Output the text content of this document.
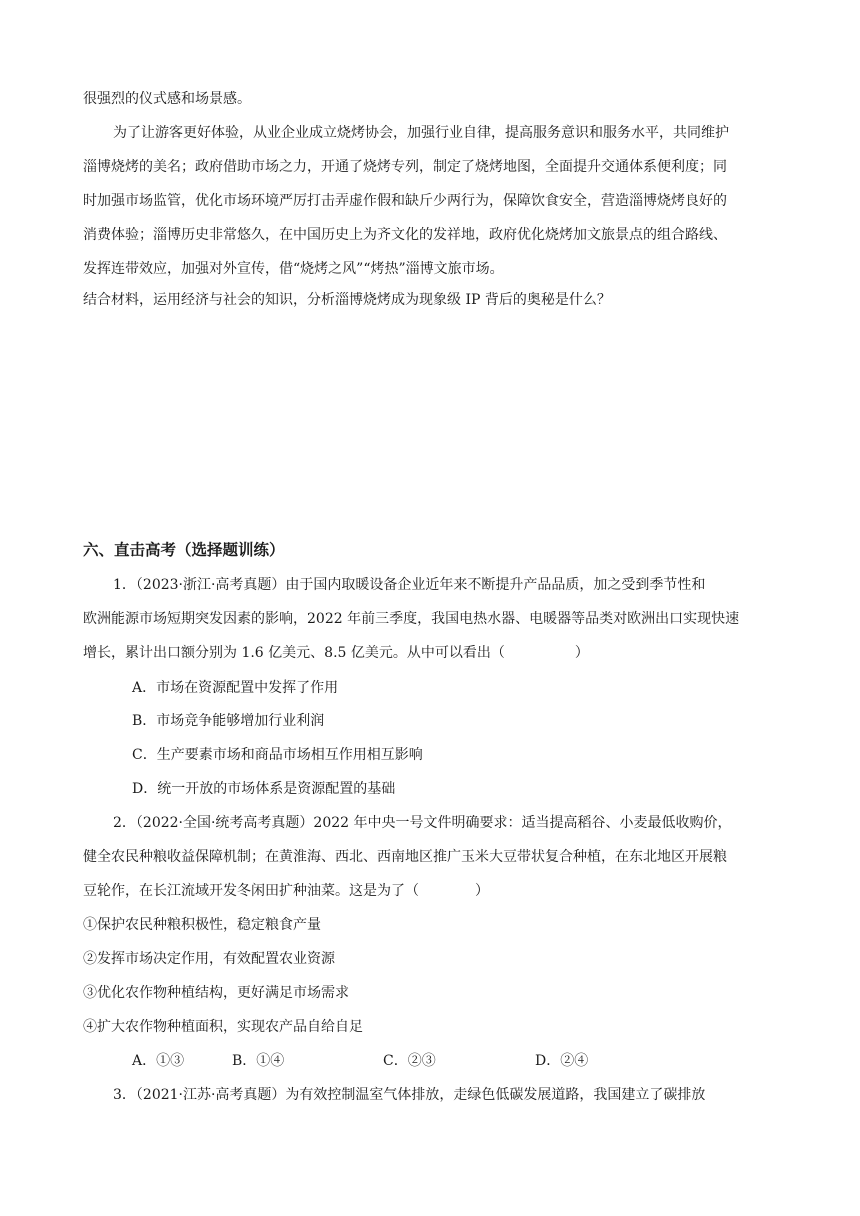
很强烈的仪式感和场景感。
为了让游客更好体验，从业企业成立烧烤协会，加强行业自律，提高服务意识和服务水平，共同维护
淄博烧烤的美名；政府借助市场之力，开通了烧烤专列，制定了烧烤地图，全面提升交通体系便利度；同
时加强市场监管，优化市场环境严厉打击弄虚作假和缺斤少两行为，保障饮食安全，营造淄博烧烤良好的
消费体验；淄博历史非常悠久，在中国历史上为齐文化的发祥地，政府优化烧烤加文旅景点的组合路线、
发挥连带效应，加强对外宣传，借“烧烤之风”“烤热”淄博文旅市场。
结合材料，运用经济与社会的知识，分析淄博烧烤成为现象级 IP 背后的奥秘是什么？
六、直击高考（选择题训练）
1．（2023·浙江·高考真题）由于国内取暖设备企业近年来不断提升产品品质，加之受到季节性和
欧洲能源市场短期突发因素的影响，2022 年前三季度，我国电热水器、电暖器等品类对欧洲出口实现快速
增长，累计出口额分别为 1.6 亿美元、8.5 亿美元。从中可以看出（　　　　　）
A．市场在资源配置中发挥了作用
B．市场竞争能够增加行业利润
C．生产要素市场和商品市场相互作用相互影响
D．统一开放的市场体系是资源配置的基础
2．（2022·全国·统考高考真题）2022 年中央一号文件明确要求：适当提高稻谷、小麦最低收购价，
健全农民种粮收益保障机制；在黄淮海、西北、西南地区推广玉米大豆带状复合种植，在东北地区开展粮
豆轮作，在长江流域开发冬闲田扩种油菜。这是为了（　　　　）
①保护农民种粮积极性，稳定粮食产量
②发挥市场决定作用，有效配置农业资源
③优化农作物种植结构，更好满足市场需求
④扩大农作物种植面积，实现农产品自给自足
A．①③	B．①④	C．②③	D．②④
3．（2021·江苏·高考真题）为有效控制温室气体排放，走绿色低碳发展道路，我国建立了碳排放
